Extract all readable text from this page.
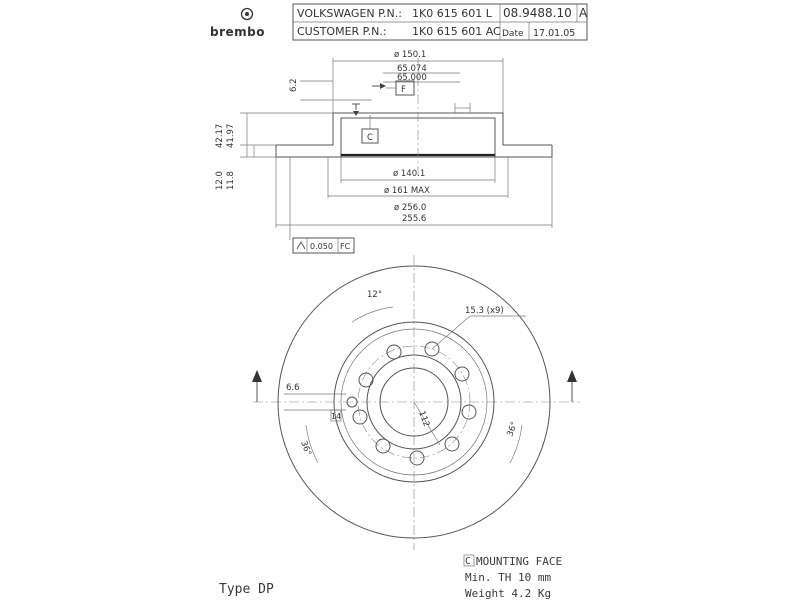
brembo
VOLKSWAGEN P.N.: 1K0 615 601 L
CUSTOMER P.N.: 1K0 615 601 AC
08.9488.10 A
Date 17.01.05
ø 150.1
65.074
65.000
6.2	F
C
42.17 41.97
12.0 11.8	ø 140.1
ø 161 MAX
ø 256.0
255.6
0.050 FC
12°
15.3 (x9)
6.6
14	112
36°
36°
Type DP
C MOUNTING FACE
Min. TH 10 mm
Weight 4.2 Kg
